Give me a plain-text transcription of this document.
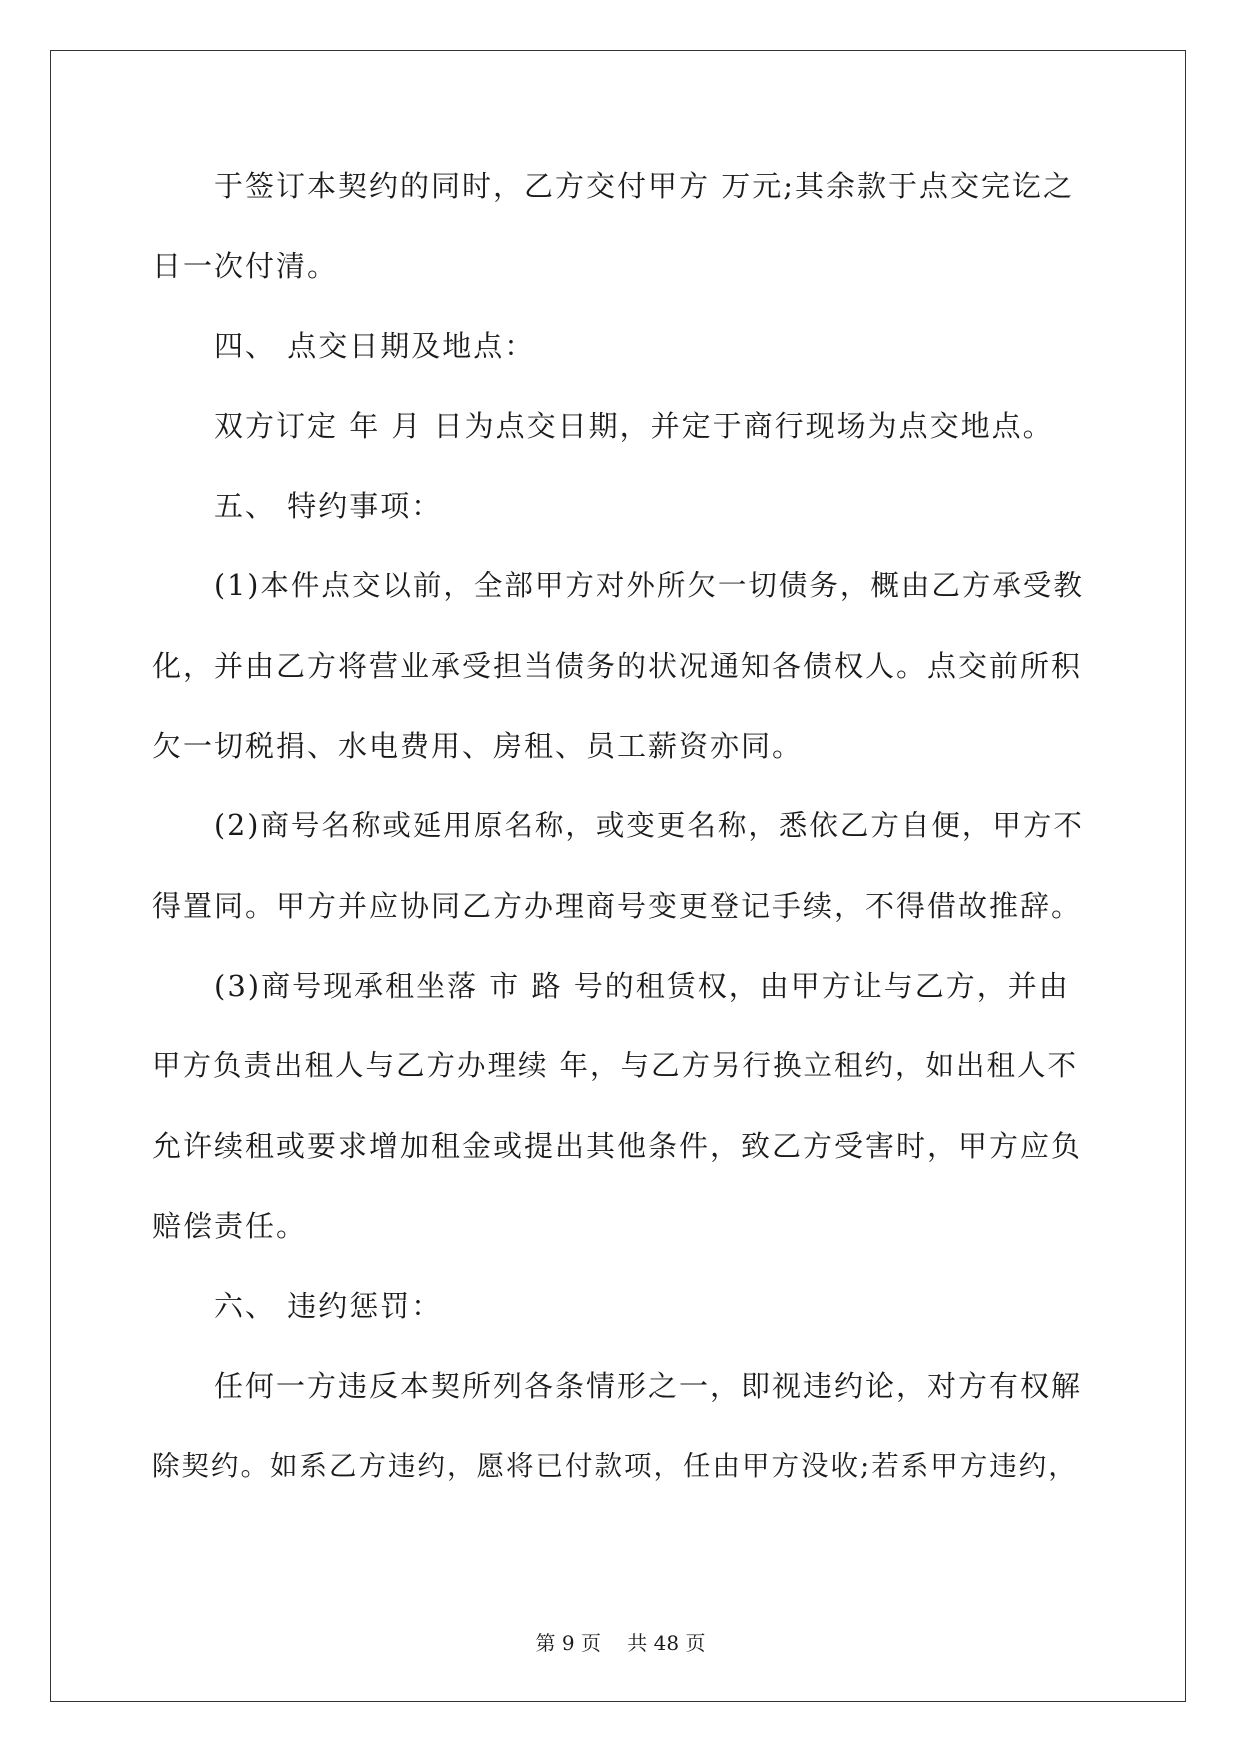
于签订本契约的同时，乙方交付甲方 万元;其余款于点交完讫之
日一次付清。
四、 点交日期及地点：
双方订定 年 月 日为点交日期，并定于商行现场为点交地点。
五、 特约事项：
(1)本件点交以前，全部甲方对外所欠一切债务，概由乙方承受教
化，并由乙方将营业承受担当债务的状况通知各债权人。点交前所积
欠一切税捐、水电费用、房租、员工薪资亦同。
(2)商号名称或延用原名称，或变更名称，悉依乙方自便，甲方不
得置同。甲方并应协同乙方办理商号变更登记手续，不得借故推辞。
(3)商号现承租坐落 市 路 号的租赁权，由甲方让与乙方，并由
甲方负责出租人与乙方办理续 年，与乙方另行换立租约，如出租人不
允许续租或要求增加租金或提出其他条件，致乙方受害时，甲方应负
赔偿责任。
六、 违约惩罚：
任何一方违反本契所列各条情形之一，即视违约论，对方有权解
除契约。如系乙方违约，愿将已付款项，任由甲方没收;若系甲方违约，
第 9 页　 共 48 页
